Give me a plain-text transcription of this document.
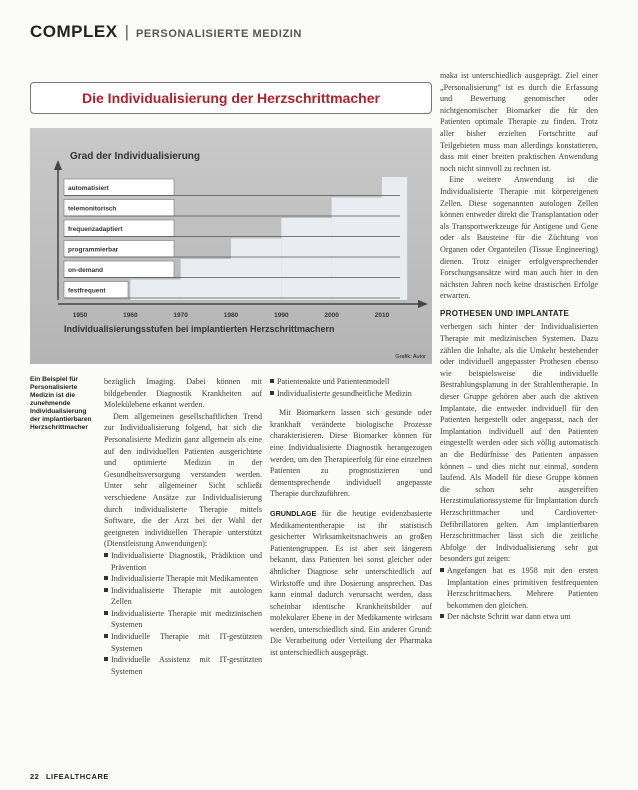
COMPLEX | PERSONALISIERTE MEDIZIN
Die Individualisierung der Herzschrittmacher
festfrequent
on-demand
programmierbar
frequenzadaptiert
telemonitorisch
automatisiert
Grad der Individualisierung
1950	1960	1970	1980	1990	2000	2010
Individualisierungsstufen bei implantierten Herzschrittmachern
Grafik: Autor
Ein Beispiel für Personalisierte Medizin ist die zunehmende Individualisierung der implantierbaren Herzschrittmacher

bezüglich Imaging. Dabei können mit bildgebender Diagnostik Krankheiten auf Molekülebene erkannt werden.

Dem allgemeinen gesellschaftlichen Trend zur Individualisierung folgend, hat sich die Personalisierte Medizin ganz allgemein als eine auf den individuellen Patienten ausgerichtete und optimierte Medizin in der Gesundheitsversorgung verstanden werden. Unter sehr allgemeiner Sicht schließt verschiedene Ansätze zur Individualisierung durch individualisierte Therapie mittels Software, die der Arzt bei der Wahl der geeigneten individuellen Therapie unterstützt (Dienstleistung Anwendungen):

Individualisierte Diagnostik, Prädiktion und Prävention
Individualisierte Therapie mit Medikamenten
Individualisierte Therapie mit autologen Zellen
Individualisierte Therapie mit medizinischen Systemen
Individuelle Therapie mit IT-gestützten Systemen
Individuelle Assistenz mit IT-gestützten Systemen
Patientenakte und Patientenmodell
Individualisierte gesundheitliche Medizin

Mit Biomarkern lassen sich gesunde oder krankhaft veränderte biologische Prozesse charakterisieren. Diese Biomarker können für eine Individualisierte Diagnostik herangezogen werden, um den Therapieerfolg für eine einzelnen Patienten zu prognostizieren und dementsprechende individuell angepasste Therapie durchzuführen.

GRUNDLAGE für die heutige evidenzbasierte Medikamententherapie ist ihr statistisch gesicherter Wirksamkeitsnachweis an großen Patientengruppen. Es ist aber seit längerem bekannt, dass Patienten bei sonst gleicher oder ähnlicher Diagnose sehr unterschiedlich auf Wirkstoffe und ihre Dosierung ansprechen. Das kann einmal dadurch verursacht werden, dass scheinbar identische Krankheitsbilder auf molekularer Ebene in der Medikamente wirksam werden, unterschiedlich sind. Ein anderer Grund: Die Verarbeitung oder Verteilung der Pharmaka ist unterschiedlich ausgeprägt.

maka ist unterschiedlich ausgeprägt. Ziel einer „Personalisierung“ ist es durch die Erfassung und Bewertung genomischer oder nichtgenomischer Biomarker die für den Patienten optimale Therapie zu finden. Trotz aller bisher erzielten Fortschritte auf Teilgebieten muss man allerdings konstatieren, dass mit einer breiten praktischen Anwendung noch nicht sinnvoll zu rechnen ist.

Eine weitere Anwendung ist die Individualisierte Therapie mit körpereigenen Zellen. Diese sogenannten autologen Zellen können entweder direkt die Transplantation oder als Transportwerkzeuge für Antigene und Gene oder als Bausteine für die Züchtung von Organen oder Organteilen (Tissue Engineering) dienen. Trotz einiger erfolgversprechender Forschungsansätze wird man auch hier in den nächsten Jahren noch keine drastischen Erfolge erwarten.

PROTHESEN UND IMPLANTATE

verbergen sich hinter der Individualisierten Therapie mit medizinischen Systemen. Dazu zählen die Inhalte, als die Umkehr bestehender oder individuell angepasster Prothesen ebenso wie beispielsweise die individuelle Bestrahlungsplanung in der Strahlentherapie. In dieser Gruppe gehören aber auch die aktiven Implantate, die entweder individuell für den Patienten hergestellt oder angepasst, nach der Implantation individuell auf den Patienten eingestellt werden oder sich völlig automatisch an die Bedürfnisse des Patienten anpassen können – und dies nicht nur einmal, sondern laufend. Als Modell für diese Gruppe können die schon sehr ausgereiften Herzstimulationssysteme für Implantation durch Herzschrittmacher und Cardioverter-Defibrillatoren gelten. Am implantierbaren Herzschrittmacher lässt sich die zeitliche Abfolge der Individualisierung sehr gut besonders gut zeigen:

Angefangen hat es 1958 mit den ersten Implantation eines primitiven festfrequenten Herzschrittmachers. Mehrere Patienten bekommen den gleichen.
Der nächste Schritt war dann etwa um
22 LIFEALTHCARE
